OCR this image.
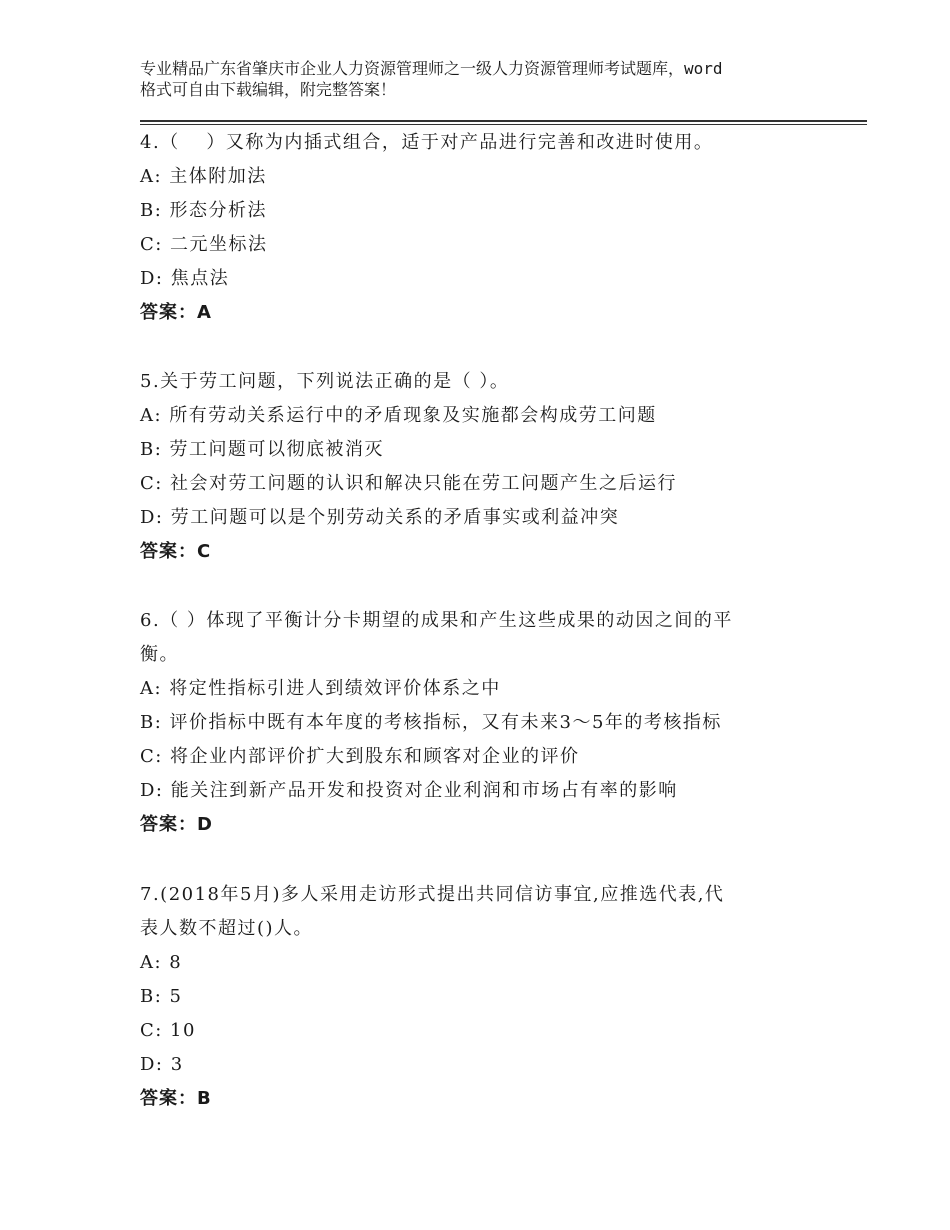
专业精品广东省肇庆市企业人力资源管理师之一级人力资源管理师考试题库，word
格式可自由下载编辑，附完整答案！
4.（　 ）又称为内插式组合，适于对产品进行完善和改进时使用。
A: 主体附加法
B: 形态分析法
C: 二元坐标法
D: 焦点法
答案：A
5.关于劳工问题，下列说法正确的是（ ）。
A: 所有劳动关系运行中的矛盾现象及实施都会构成劳工问题
B: 劳工问题可以彻底被消灭
C: 社会对劳工问题的认识和解决只能在劳工问题产生之后运行
D: 劳工问题可以是个别劳动关系的矛盾事实或利益冲突
答案：C
6.（ ）体现了平衡计分卡期望的成果和产生这些成果的动因之间的平
衡。
A: 将定性指标引进人到绩效评价体系之中
B: 评价指标中既有本年度的考核指标，又有未来3～5年的考核指标
C: 将企业内部评价扩大到股东和顾客对企业的评价
D: 能关注到新产品开发和投资对企业利润和市场占有率的影响
答案：D
7.(2018年5月)多人采用走访形式提出共同信访事宜,应推选代表,代
表人数不超过()人。
A: 8
B: 5
C: 10
D: 3
答案：B
